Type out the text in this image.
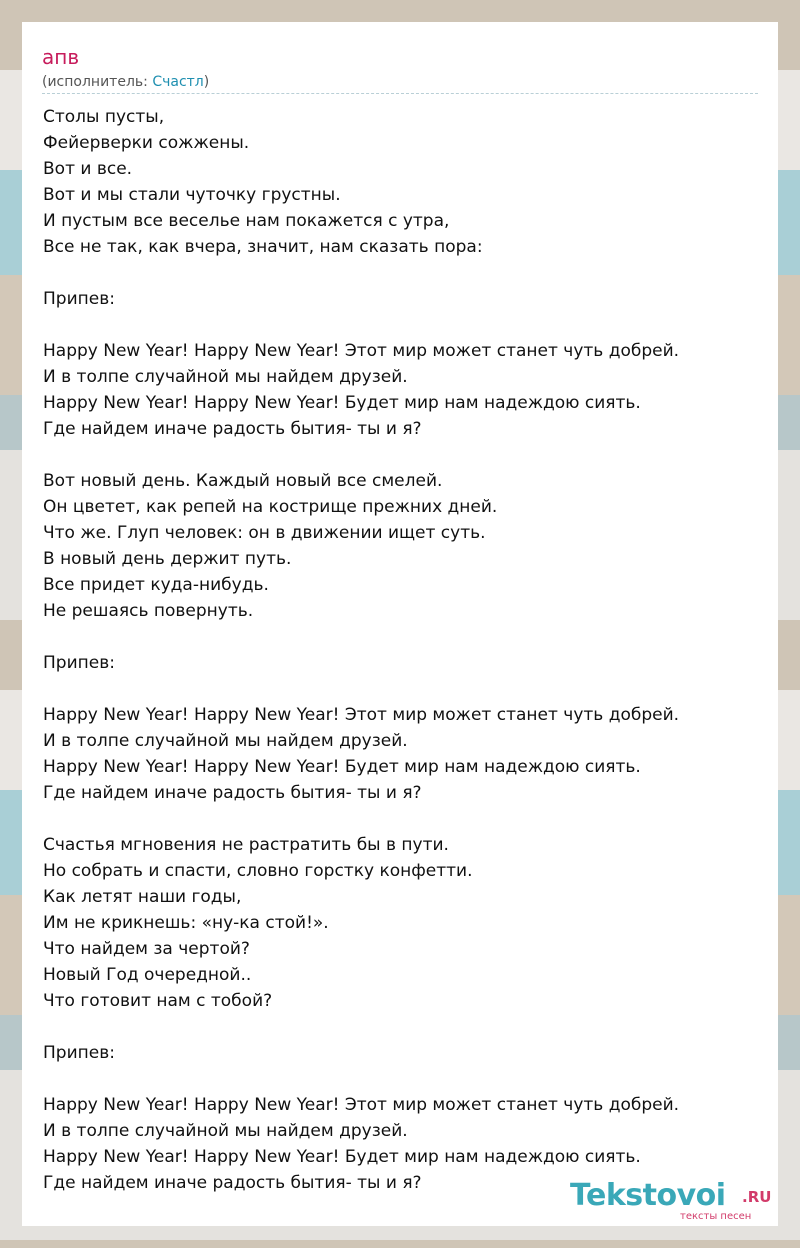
апв
(исполнитель: Счастл)
Столы пусты,
Фейерверки сожжены.
Вот и все.
Вот и мы стали чуточку грустны.
И пустым все веселье нам покажется с утра,
Все не так, как вчера, значит, нам сказать пора:

Припев:

Happy New Year! Happy New Year! Этот мир может станет чуть добрей.
И в толпе случайной мы найдем друзей.
Happy New Year! Happy New Year! Будет мир нам надеждою сиять.
Где найдем иначе радость бытия- ты и я?

Вот новый день. Каждый новый все смелей.
Он цветет, как репей на кострище прежних дней.
Что же. Глуп человек: он в движении ищет суть.
В новый день держит путь.
Все придет куда-нибудь.
Не решаясь повернуть.

Припев:

Happy New Year! Happy New Year! Этот мир может станет чуть добрей.
И в толпе случайной мы найдем друзей.
Happy New Year! Happy New Year! Будет мир нам надеждою сиять.
Где найдем иначе радость бытия- ты и я?

Счастья мгновения не растратить бы в пути.
Но собрать и спасти, словно горстку конфетти.
Как летят наши годы,
Им не крикнешь: «ну-ка стой!».
Что найдем за чертой?
Новый Год очередной..
Что готовит нам с тобой?

Припев:

Happy New Year! Happy New Year! Этот мир может станет чуть добрей.
И в толпе случайной мы найдем друзей.
Happy New Year! Happy New Year! Будет мир нам надеждою сиять.
Где найдем иначе радость бытия- ты и я?	Tekstovoi .RU
тексты песен
